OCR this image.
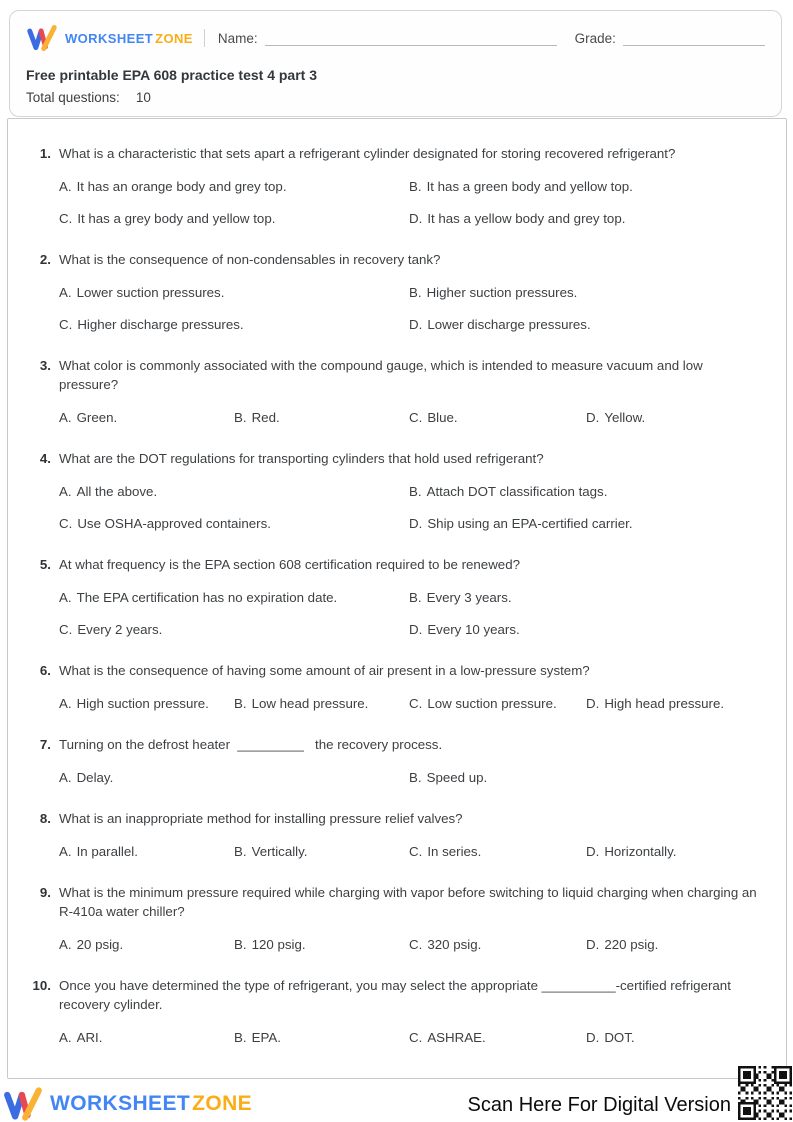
WORKSHEET ZONE Name:	Grade:
Free printable EPA 608 practice test 4 part 3
Total questions: 10
1. What is a characteristic that sets apart a refrigerant cylinder designated for storing recovered refrigerant?
A. It has an orange body and grey top.	B. It has a green body and yellow top.
C. It has a grey body and yellow top.	D. It has a yellow body and grey top.
2. What is the consequence of non-condensables in recovery tank?
A. Lower suction pressures.	B. Higher suction pressures.
C. Higher discharge pressures.	D. Lower discharge pressures.
3. What color is commonly associated with the compound gauge, which is intended to measure vacuum and low pressure?
A. Green.	B. Red.	C. Blue.	D. Yellow.
4. What are the DOT regulations for transporting cylinders that hold used refrigerant?
A. All the above.	B. Attach DOT classification tags.
C. Use OSHA-approved containers.	D. Ship using an EPA-certified carrier.
5. At what frequency is the EPA section 608 certification required to be renewed?
A. The EPA certification has no expiration date.	B. Every 3 years.
C. Every 2 years.	D. Every 10 years.
6. What is the consequence of having some amount of air present in a low-pressure system?
A. High suction pressure.	B. Low head pressure.	C. Low suction pressure.	D. High head pressure.
7. Turning on the defrost heater  _________   the recovery process.
A. Delay.	B. Speed up.
8. What is an inappropriate method for installing pressure relief valves?
A. In parallel.	B. Vertically.	C. In series.	D. Horizontally.
9. What is the minimum pressure required while charging with vapor before switching to liquid charging when charging an R-410a water chiller?
A. 20 psig.	B. 120 psig.	C. 320 psig.	D. 220 psig.
10. Once you have determined the type of refrigerant, you may select the appropriate __________-certified refrigerant recovery cylinder.
A. ARI.	B. EPA.	C. ASHRAE.	D. DOT.
WORKSHEETZONE	Scan Here For Digital Version
